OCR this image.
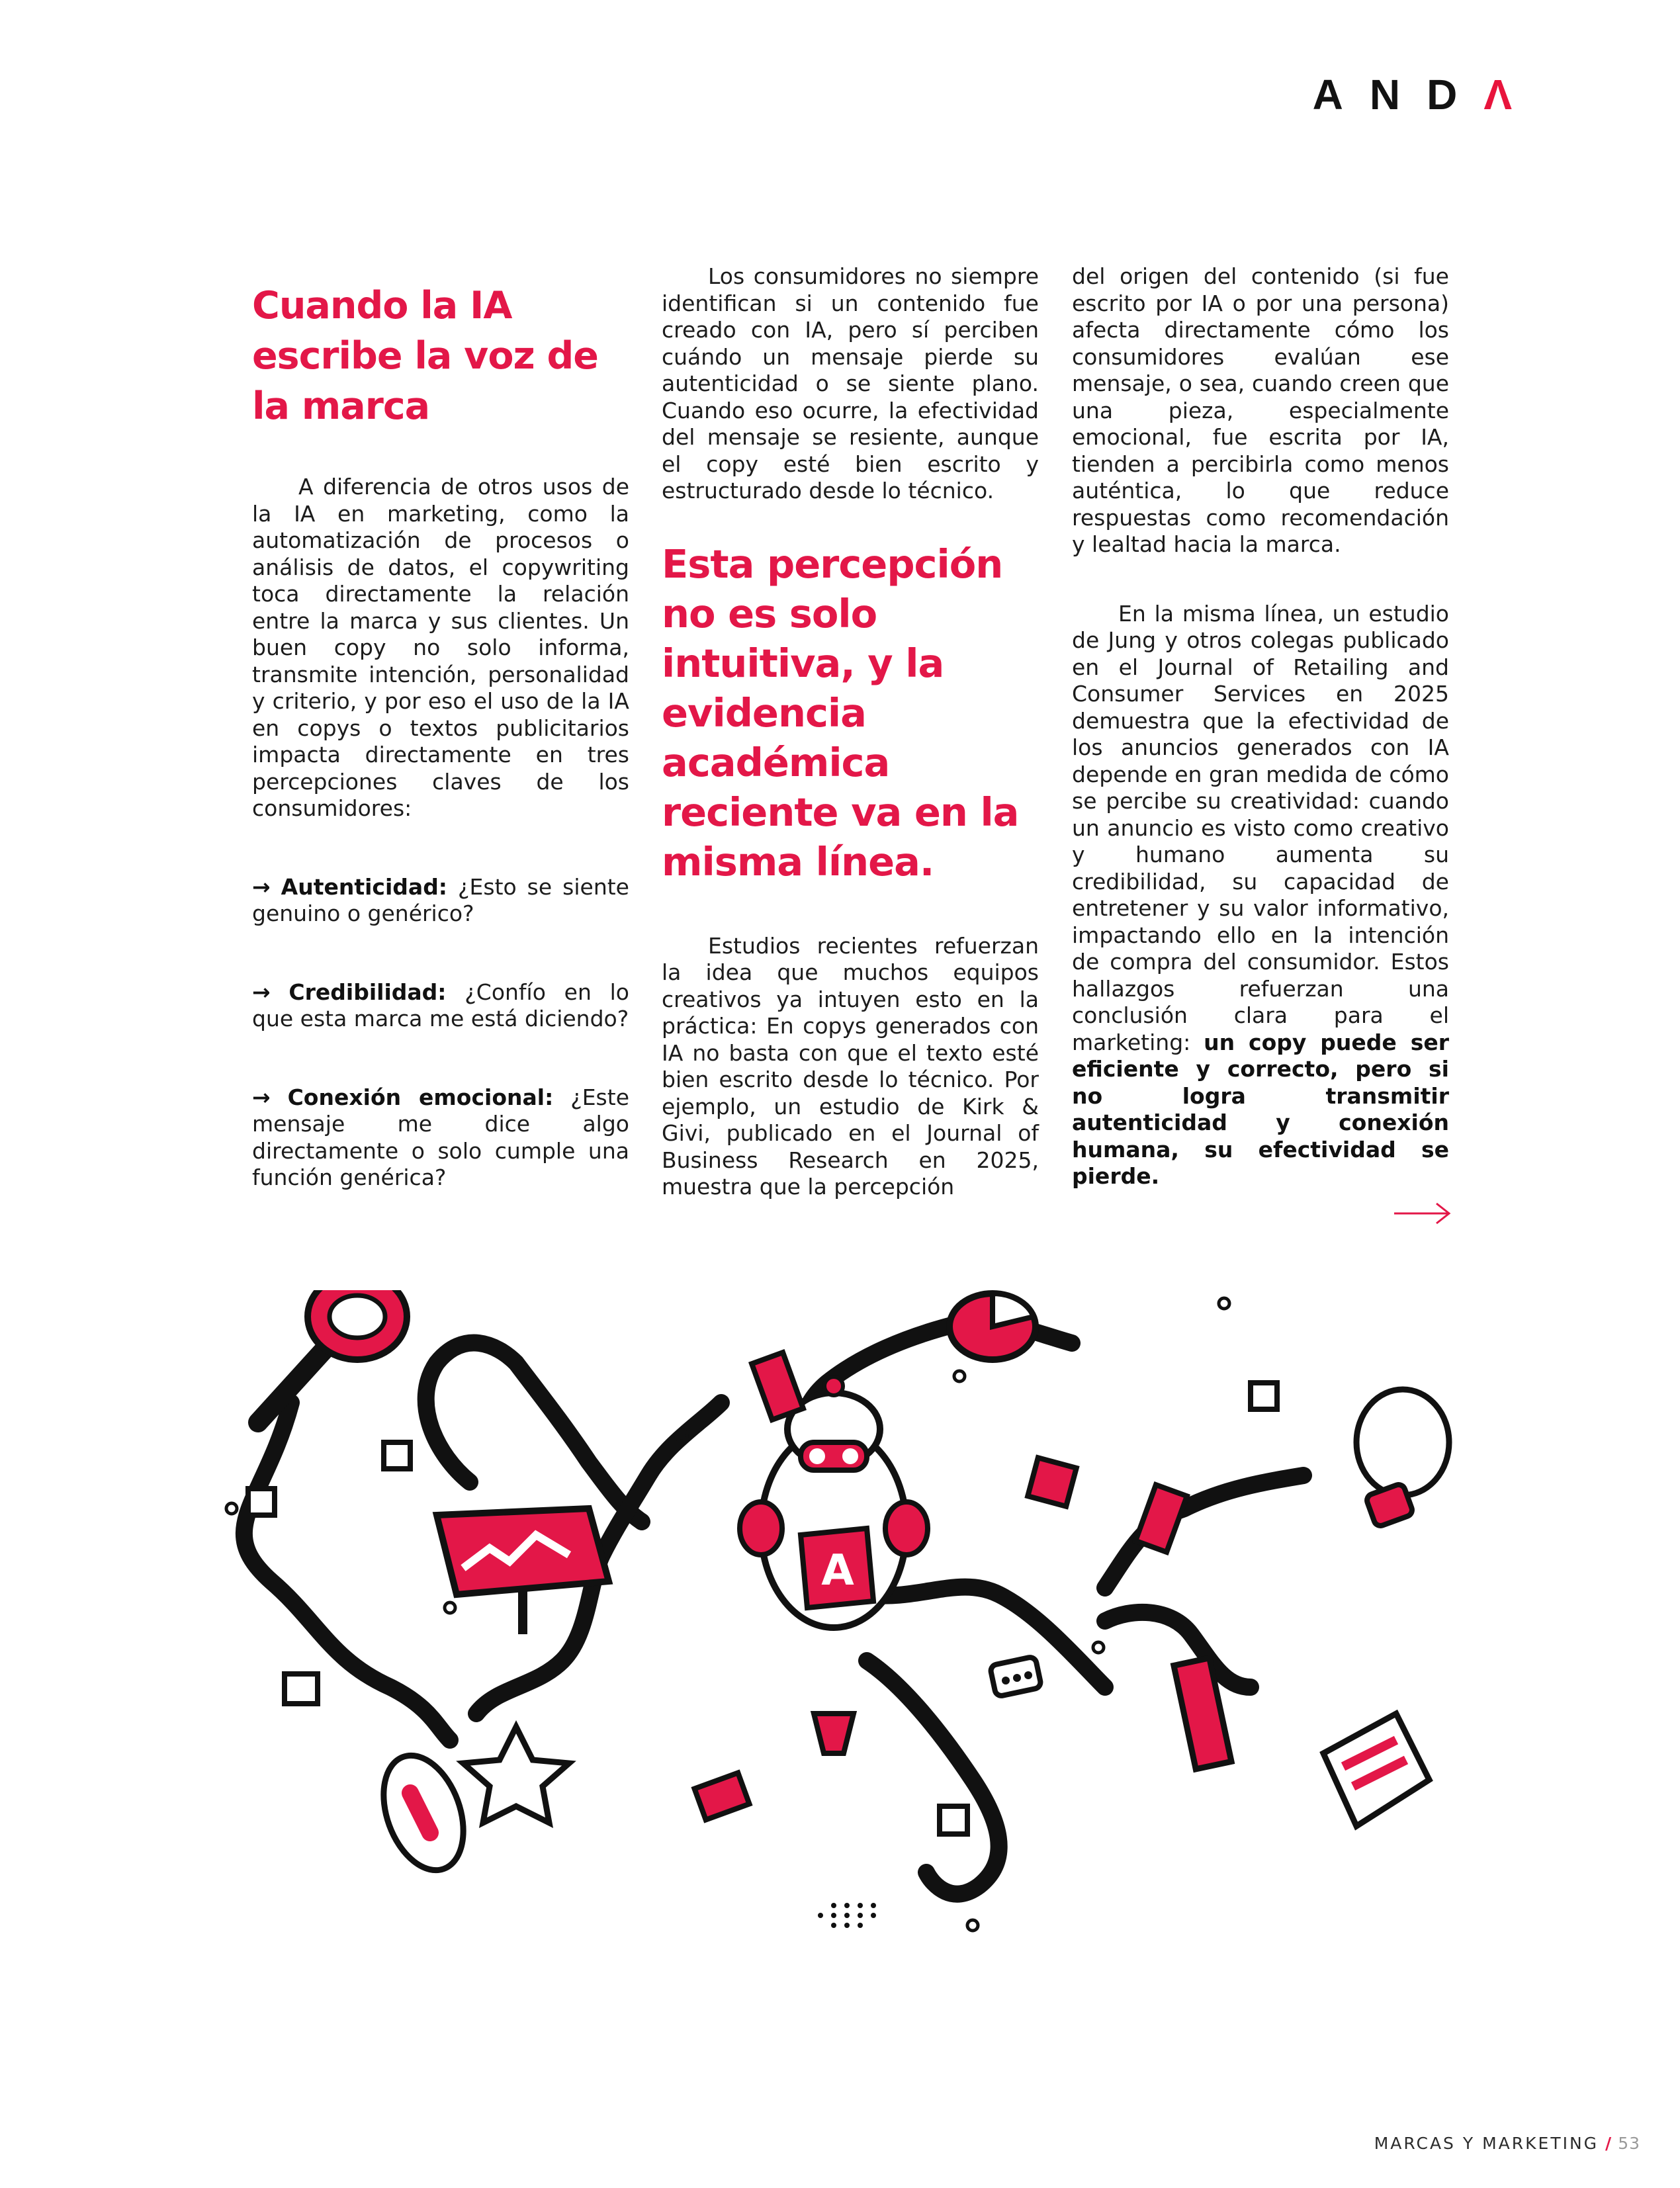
ANDΛ
Cuando la IA escribe la voz de la marca

A diferencia de otros usos de la IA en marketing, como la automatización de procesos o análisis de datos, el copywriting toca directamente la relación entre la marca y sus clientes. Un buen copy no solo informa, transmite intención, personalidad y criterio, y por eso el uso de la IA en copys o textos publicitarios impacta directamente en tres percepciones claves de los consumidores:

→ Autenticidad: ¿Esto se siente genuino o genérico?

→ Credibilidad: ¿Confío en lo que esta marca me está diciendo?

→ Conexión emocional: ¿Este mensaje me dice algo directamente o solo cumple una función genérica?

Los consumidores no siempre identifican si un contenido fue creado con IA, pero sí perciben cuándo un mensaje pierde su autenticidad o se siente plano. Cuando eso ocurre, la efectividad del mensaje se resiente, aunque el copy esté bien escrito y estructurado desde lo técnico.

Esta percepción no es solo intuitiva, y la evidencia académica reciente va en la misma línea.

Estudios recientes refuerzan la idea que muchos equipos creativos ya intuyen esto en la práctica: En copys generados con IA no basta con que el texto esté bien escrito desde lo técnico. Por ejemplo, un estudio de Kirk & Givi, publicado en el Journal of Business Research en 2025, muestra que la percepción

del origen del contenido (si fue escrito por IA o por una persona) afecta directamente cómo los consumidores evalúan ese mensaje, o sea, cuando creen que una pieza, especialmente emocional, fue escrita por IA, tienden a percibirla como menos auténtica, lo que reduce respuestas como recomendación y lealtad hacia la marca.

En la misma línea, un estudio de Jung y otros colegas publicado en el Journal of Retailing and Consumer Services en 2025 demuestra que la efectividad de los anuncios generados con IA depende en gran medida de cómo se percibe su creatividad: cuando un anuncio es visto como creativo y humano aumenta su credibilidad, su capacidad de entretener y su valor informativo, impactando ello en la intención de compra del consumidor. Estos hallazgos refuerzan una conclusión clara para el marketing: un copy puede ser eficiente y correcto, pero si no logra transmitir autenticidad y conexión humana, su efectividad se pierde.

A
MARCAS Y MARKETING / 53
